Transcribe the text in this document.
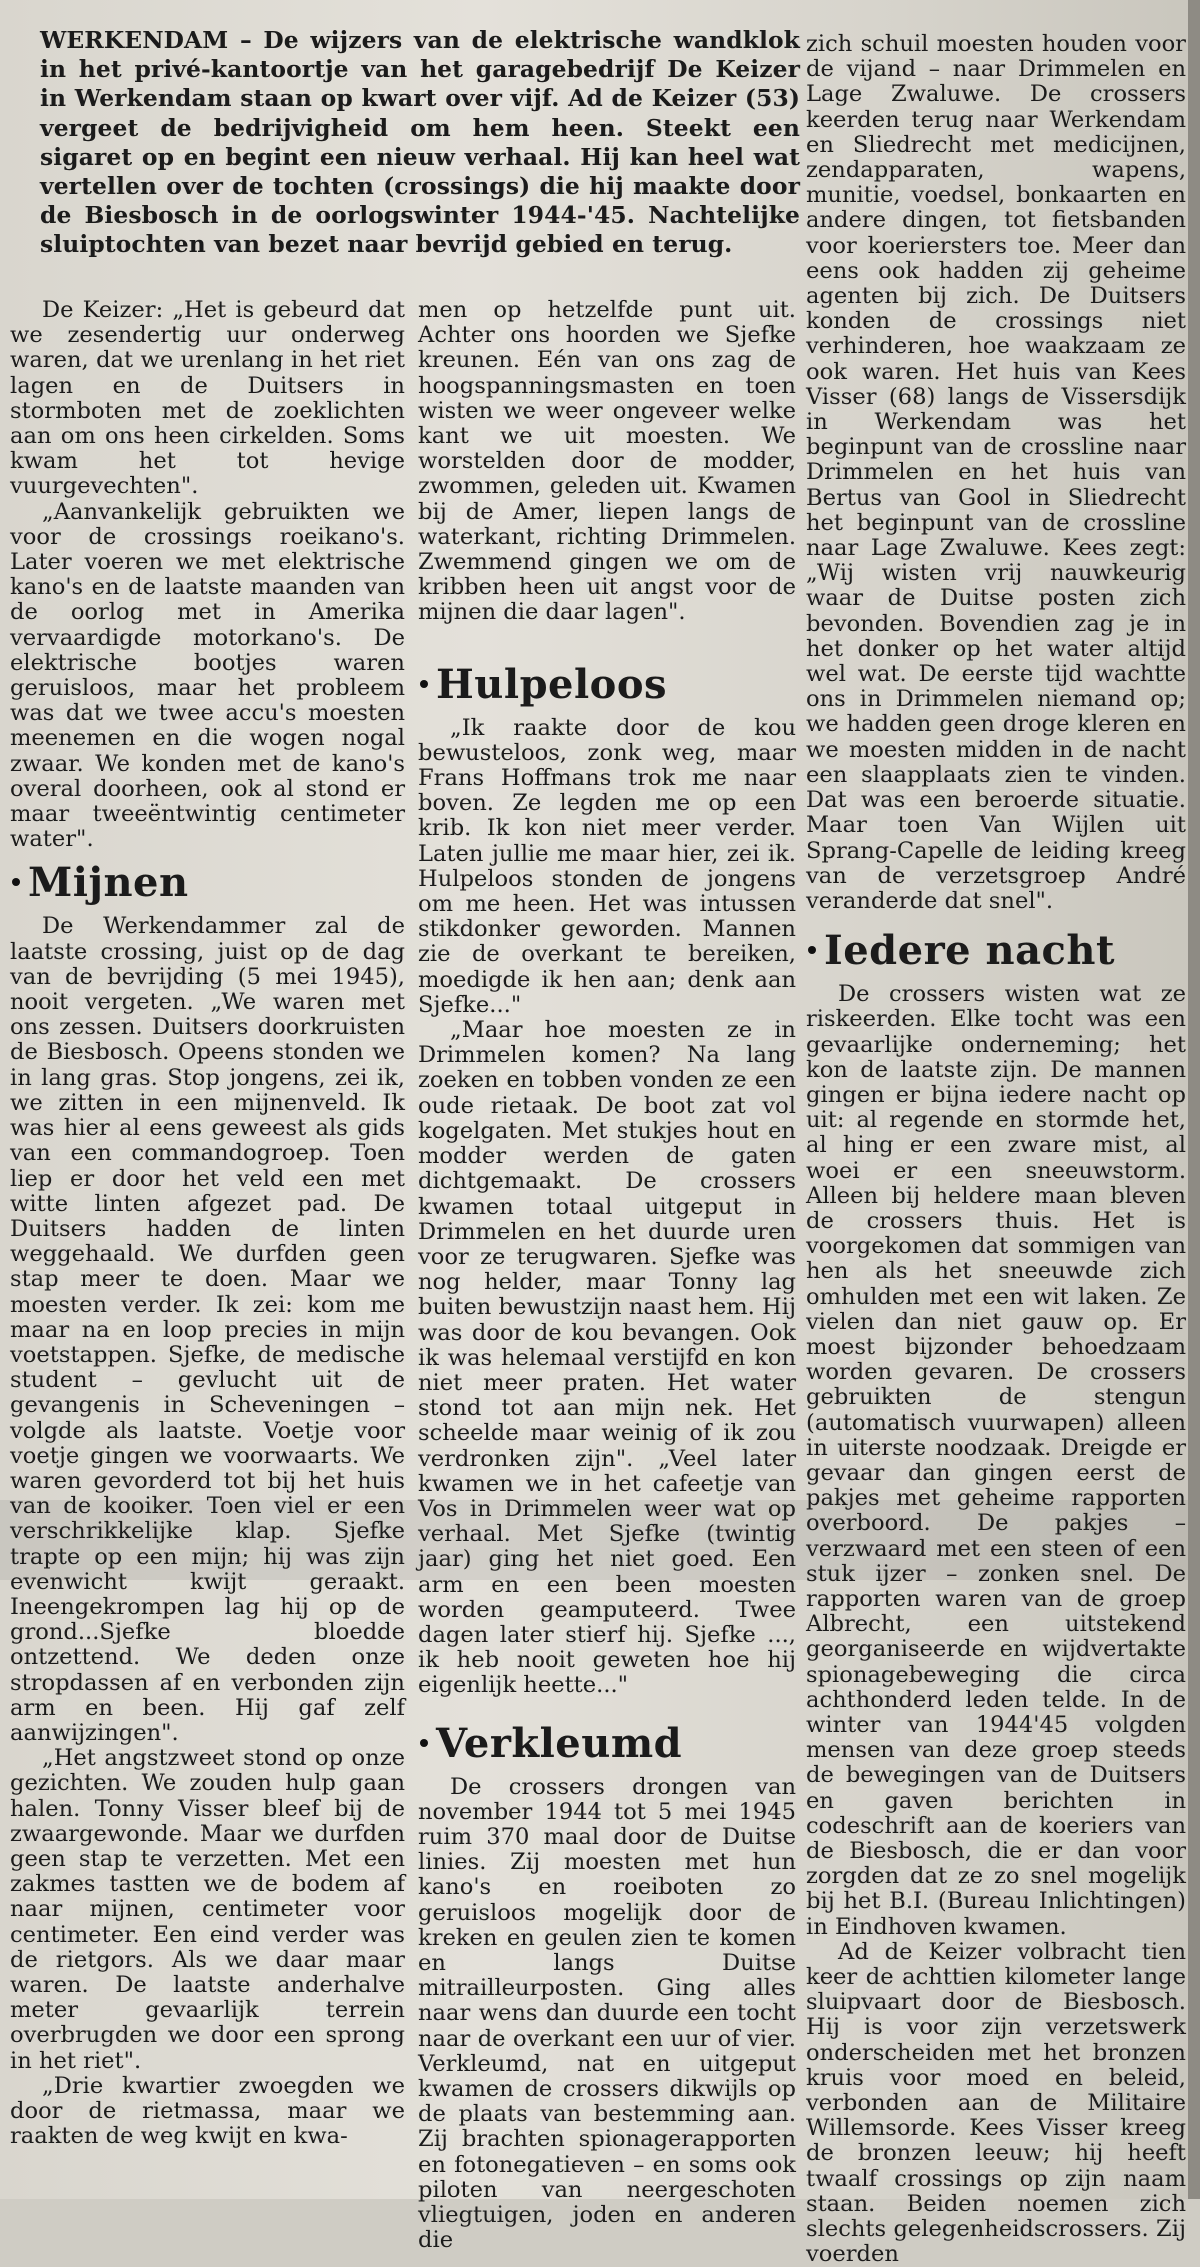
WERKENDAM – De wijzers van de elektrische wandklok in het privé-kantoortje van het garagebedrijf De Keizer in Werkendam staan op kwart over vijf. Ad de Keizer (53) vergeet de bedrijvigheid om hem heen. Steekt een sigaret op en begint een nieuw verhaal. Hij kan heel wat vertellen over de tochten (crossings) die hij maakte door de Biesbosch in de oorlogswinter 1944-'45. Nachtelijke sluiptochten van bezet naar bevrijd gebied en terug.

De Keizer: „Het is gebeurd dat we zesendertig uur onderweg waren, dat we urenlang in het riet lagen en de Duitsers in stormboten met de zoeklichten aan om ons heen cirkelden. Soms kwam het tot hevige vuurgevechten".

„Aanvankelijk gebruikten we voor de crossings roeikano's. Later voeren we met elektrische kano's en de laatste maanden van de oorlog met in Amerika vervaardigde motorkano's. De elektrische bootjes waren geruisloos, maar het probleem was dat we twee accu's moesten meenemen en die wogen nogal zwaar. We konden met de kano's overal doorheen, ook al stond er maar tweeëntwintig centimeter water".

Mijnen

De Werkendammer zal de laatste crossing, juist op de dag van de bevrijding (5 mei 1945), nooit vergeten. „We waren met ons zessen. Duitsers doorkruisten de Biesbosch. Opeens stonden we in lang gras. Stop jongens, zei ik, we zitten in een mijnenveld. Ik was hier al eens geweest als gids van een commandogroep. Toen liep er door het veld een met witte linten afgezet pad. De Duitsers hadden de linten weggehaald. We durfden geen stap meer te doen. Maar we moesten verder. Ik zei: kom me maar na en loop precies in mijn voetstappen. Sjefke, de medische student – gevlucht uit de gevangenis in Scheveningen – volgde als laatste. Voetje voor voetje gingen we voorwaarts. We waren gevorderd tot bij het huis van de kooiker. Toen viel er een verschrikkelijke klap. Sjefke trapte op een mijn; hij was zijn evenwicht kwijt geraakt. Ineengekrompen lag hij op de grond...Sjefke bloedde ontzettend. We deden onze stropdassen af en verbonden zijn arm en been. Hij gaf zelf aanwijzingen".

„Het angstzweet stond op onze gezichten. We zouden hulp gaan halen. Tonny Visser bleef bij de zwaargewonde. Maar we durfden geen stap te verzetten. Met een zakmes tastten we de bodem af naar mijnen, centimeter voor centimeter. Een eind verder was de rietgors. Als we daar maar waren. De laatste anderhalve meter gevaarlijk terrein overbrugden we door een sprong in het riet".

„Drie kwartier zwoegden we door de rietmassa, maar we raakten de weg kwijt en kwa-

men op hetzelfde punt uit. Achter ons hoorden we Sjefke kreunen. Eén van ons zag de hoogspanningsmasten en toen wisten we weer ongeveer welke kant we uit moesten. We worstelden door de modder, zwommen, geleden uit. Kwamen bij de Amer, liepen langs de waterkant, richting Drimmelen. Zwemmend gingen we om de kribben heen uit angst voor de mijnen die daar lagen".

Hulpeloos

„Ik raakte door de kou bewusteloos, zonk weg, maar Frans Hoffmans trok me naar boven. Ze legden me op een krib. Ik kon niet meer verder. Laten jullie me maar hier, zei ik. Hulpeloos stonden de jongens om me heen. Het was intussen stikdonker geworden. Mannen zie de overkant te bereiken, moedigde ik hen aan; denk aan Sjefke..."

„Maar hoe moesten ze in Drimmelen komen? Na lang zoeken en tobben vonden ze een oude rietaak. De boot zat vol kogelgaten. Met stukjes hout en modder werden de gaten dichtgemaakt. De crossers kwamen totaal uitgeput in Drimmelen en het duurde uren voor ze terugwaren. Sjefke was nog helder, maar Tonny lag buiten bewustzijn naast hem. Hij was door de kou bevangen. Ook ik was helemaal verstijfd en kon niet meer praten. Het water stond tot aan mijn nek. Het scheelde maar weinig of ik zou verdronken zijn". „Veel later kwamen we in het cafeetje van Vos in Drimmelen weer wat op verhaal. Met Sjefke (twintig jaar) ging het niet goed. Een arm en een been moesten worden geamputeerd. Twee dagen later stierf hij. Sjefke ..., ik heb nooit geweten hoe hij eigenlijk heette..."

Verkleumd

De crossers drongen van november 1944 tot 5 mei 1945 ruim 370 maal door de Duitse linies. Zij moesten met hun kano's en roeiboten zo geruisloos mogelijk door de kreken en geulen zien te komen en langs Duitse mitrailleurposten. Ging alles naar wens dan duurde een tocht naar de overkant een uur of vier. Verkleumd, nat en uitgeput kwamen de crossers dikwijls op de plaats van bestemming aan. Zij brachten spionagerapporten en fotonegatieven – en soms ook piloten van neergeschoten vliegtuigen, joden en anderen die

zich schuil moesten houden voor de vijand – naar Drimmelen en Lage Zwaluwe. De crossers keerden terug naar Werkendam en Sliedrecht met medicijnen, zendapparaten, wapens, munitie, voedsel, bonkaarten en andere dingen, tot fietsbanden voor koeriersters toe. Meer dan eens ook hadden zij geheime agenten bij zich. De Duitsers konden de crossings niet verhinderen, hoe waakzaam ze ook waren. Het huis van Kees Visser (68) langs de Vissersdijk in Werkendam was het beginpunt van de crossline naar Drimmelen en het huis van Bertus van Gool in Sliedrecht het beginpunt van de crossline naar Lage Zwaluwe. Kees zegt: „Wij wisten vrij nauwkeurig waar de Duitse posten zich bevonden. Bovendien zag je in het donker op het water altijd wel wat. De eerste tijd wachtte ons in Drimmelen niemand op; we hadden geen droge kleren en we moesten midden in de nacht een slaapplaats zien te vinden. Dat was een beroerde situatie. Maar toen Van Wijlen uit Sprang-Capelle de leiding kreeg van de verzetsgroep André veranderde dat snel".

Iedere nacht

De crossers wisten wat ze riskeerden. Elke tocht was een gevaarlijke onderneming; het kon de laatste zijn. De mannen gingen er bijna iedere nacht op uit: al regende en stormde het, al hing er een zware mist, al woei er een sneeuwstorm. Alleen bij heldere maan bleven de crossers thuis. Het is voorgekomen dat sommigen van hen als het sneeuwde zich omhulden met een wit laken. Ze vielen dan niet gauw op. Er moest bijzonder behoedzaam worden gevaren. De crossers gebruikten de stengun (automatisch vuurwapen) alleen in uiterste noodzaak. Dreigde er gevaar dan gingen eerst de pakjes met geheime rapporten overboord. De pakjes – verzwaard met een steen of een stuk ijzer – zonken snel. De rapporten waren van de groep Albrecht, een uitstekend georganiseerde en wijdvertakte spionagebeweging die circa achthonderd leden telde. In de winter van 1944'45 volgden mensen van deze groep steeds de bewegingen van de Duitsers en gaven berichten in codeschrift aan de koeriers van de Biesbosch, die er dan voor zorgden dat ze zo snel mogelijk bij het B.I. (Bureau Inlichtingen) in Eindhoven kwamen.

Ad de Keizer volbracht tien keer de achttien kilometer lange sluipvaart door de Biesbosch. Hij is voor zijn verzetswerk onderscheiden met het bronzen kruis voor moed en beleid, verbonden aan de Militaire Willemsorde. Kees Visser kreeg de bronzen leeuw; hij heeft twaalf crossings op zijn naam staan. Beiden noemen zich slechts gelegenheidscrossers. Zij voerden
